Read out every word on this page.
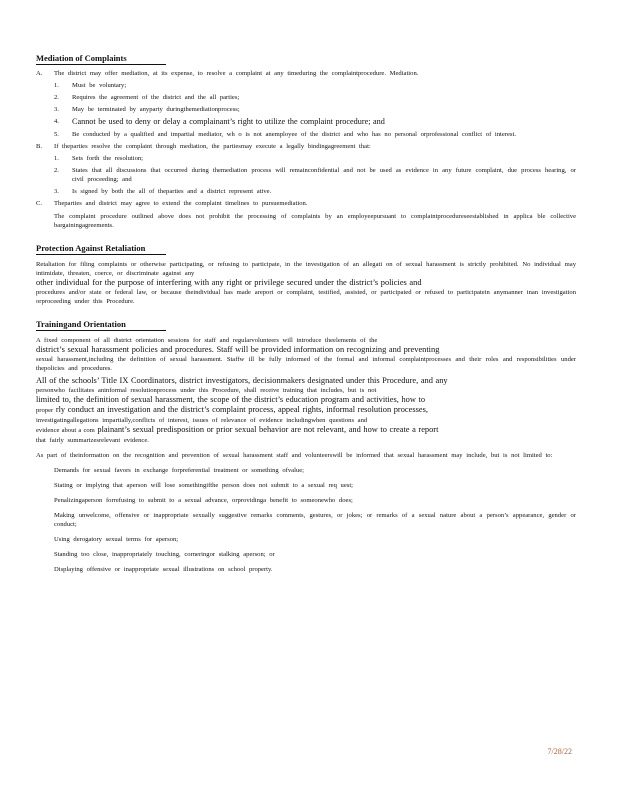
Mediation of Complaints
A.	The district may offer mediation, at its expense, to resolve a complaint at any timeduring the complaintprocedure. Mediation.
1.	Must be voluntary;
2.	Requires the agreement of the district and the all parties;
3.	May be terminated by anyparty duringthemediationprocess;
4.	Cannot be used to deny or delay a complainant’s right to utilize the complaint procedure; and
5.	Be conducted by a qualified and impartial mediator, wh o is not anemployee of the district and who has no personal orprofessional conflict of interest.
B.	If theparties resolve the complaint through mediation, the partiesmay execute a legally bindingagreement that:
1.	Sets forth the resolution;
2.	States that all discussions that occurred during themediation process will remainconfidential and not be used as evidence in any future complaint, due process hearing, or civil proceeding; and
3.	Is signed by both the all of theparties and a district represent ative.
C.	Theparties and district may agree to extend the complaint timelines to pursuemediation.
The complaint procedure outlined above does not prohibit the processing of complaints by an employeepursuant to complaintprocedureseestablished in applica ble collective bargainingagreements.
Protection Against Retaliation
Retaliation for filing complaints or otherwise participating, or refusing to participate, in the investigation of an allegati on of sexual harassment is strictly prohibited. No individual may intimidate, threaten, coerce, or discriminate against any
other individual for the purpose of interfering with any right or privilege secured under the district’s policies and
procedures and/or state or federal law, or because theindividual has made areport or complaint, testified, assisted, or participated or refused to participatein anymanner inan investigation orproceeding under this Procedure.
Trainingand Orientation
A fixed component of all district orientation sessions for staff and regularvolunteers will introduce theelements of the
district’s sexual harassment policies and procedures. Staff will be provided information on recognizing and preventing
sexual harassment,including the definition of sexual harassment. Staffw ill be fully informed of the formal and informal complaintprocesses and their roles and responsibilities under thepolicies and procedures.
All of the schools’ Title IX Coordinators, district investigators, decisionmakers designated under this Procedure, and any
personwho facilitates aninformal resolutionprocess under this Procedure, shall receive training that includes, but is not
limited to, the definition of sexual harassment, the scope of the district’s education program and activities, how to
proper rly conduct an investigation and the district’s complaint process, appeal rights, informal resolution processes,
investigatingallegations impartially,conflicts of interest, issues of relevance of evidence includingwhen questions and
evidence about a com plainant’s sexual predisposition or prior sexual behavior are not relevant, and how to create a report
that fairly summarizesrelevant evidence.
As part of theinformation on the recognition and prevention of sexual harassment staff and volunteerswill be informed that sexual harassment may include, but is not limited to:
Demands for sexual favors in exchange forpreferential treatment or something ofvalue;
Stating or implying that aperson will lose somethingifthe person does not submit to a sexual req uest;
Penalizingaperson forrefusing to submit to a sexual advance, orprovidinga benefit to someonewho does;
Making unwelcome, offensive or inappropriate sexually suggestive remarks comments, gestures, or jokes; or remarks of a sexual nature about a person’s appearance, gender or conduct;
Using derogatory sexual terms for aperson;
Standing too close, inappropriately touching, corneringor stalking aperson; or
Displaying offensive or inappropriate sexual illustrations on school property.
7/28/22
